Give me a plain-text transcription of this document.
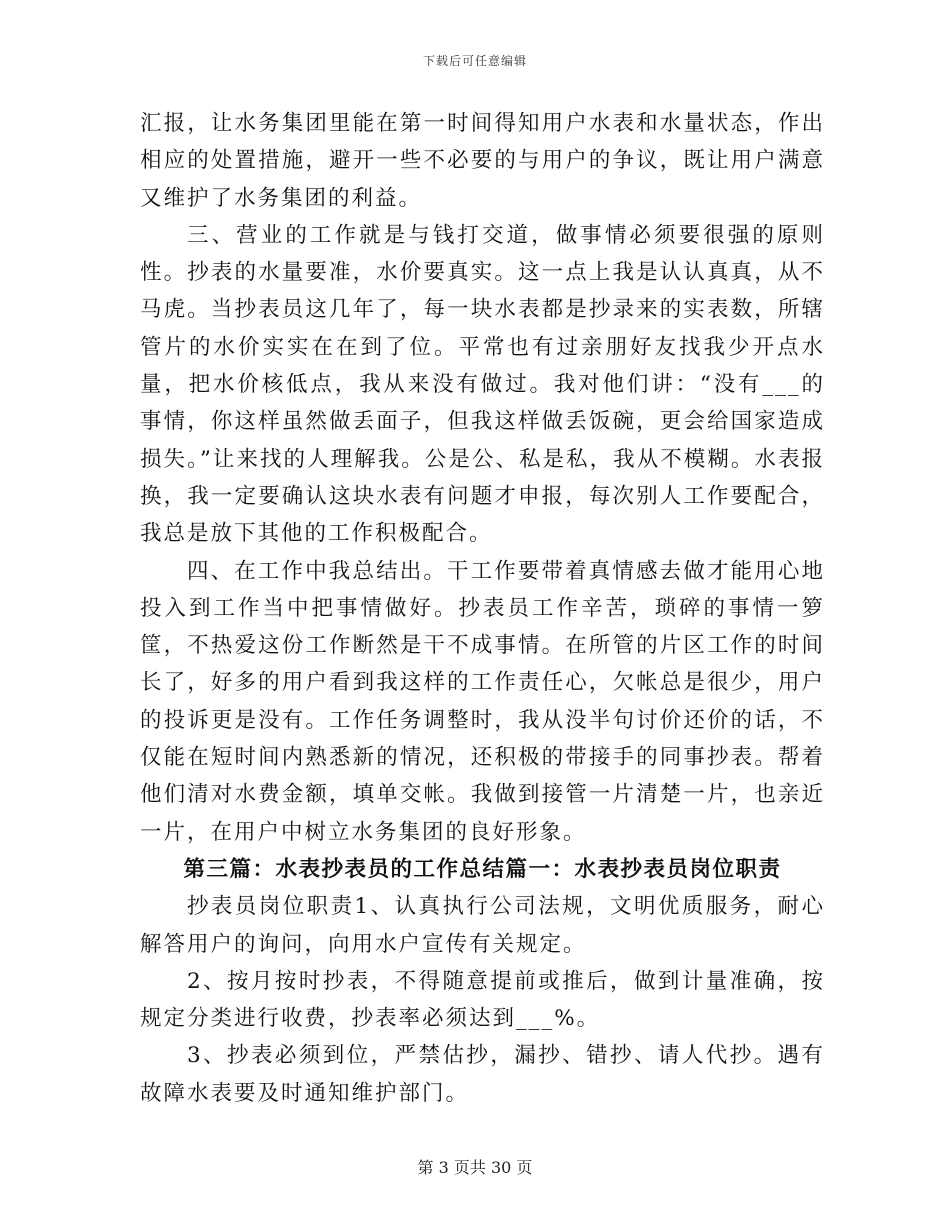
下载后可任意编辑

汇报，让水务集团里能在第一时间得知用户水表和水量状态，作出相应的处置措施，避开一些不必要的与用户的争议，既让用户满意又维护了水务集团的利益。

三、营业的工作就是与钱打交道，做事情必须要很强的原则性。抄表的水量要准，水价要真实。这一点上我是认认真真，从不马虎。当抄表员这几年了，每一块水表都是抄录来的实表数，所辖管片的水价实实在在到了位。平常也有过亲朋好友找我少开点水量，把水价核低点，我从来没有做过。我对他们讲：“没有___的事情，你这样虽然做丢面子，但我这样做丢饭碗，更会给国家造成损失。”让来找的人理解我。公是公、私是私，我从不模糊。水表报换，我一定要确认这块水表有问题才申报，每次别人工作要配合，我总是放下其他的工作积极配合。

四、在工作中我总结出。干工作要带着真情感去做才能用心地投入到工作当中把事情做好。抄表员工作辛苦，琐碎的事情一箩筐，不热爱这份工作断然是干不成事情。在所管的片区工作的时间长了，好多的用户看到我这样的工作责任心，欠帐总是很少，用户的投诉更是没有。工作任务调整时，我从没半句讨价还价的话，不仅能在短时间内熟悉新的情况，还积极的带接手的同事抄表。帮着他们清对水费金额，填单交帐。我做到接管一片清楚一片，也亲近一片，在用户中树立水务集团的良好形象。

第三篇：水表抄表员的工作总结篇一：水表抄表员岗位职责

抄表员岗位职责1、认真执行公司法规，文明优质服务，耐心解答用户的询问，向用水户宣传有关规定。

2、按月按时抄表，不得随意提前或推后，做到计量准确，按规定分类进行收费，抄表率必须达到___%。

3、抄表必须到位，严禁估抄，漏抄、错抄、请人代抄。遇有故障水表要及时通知维护部门。

第 3 页共 30 页
